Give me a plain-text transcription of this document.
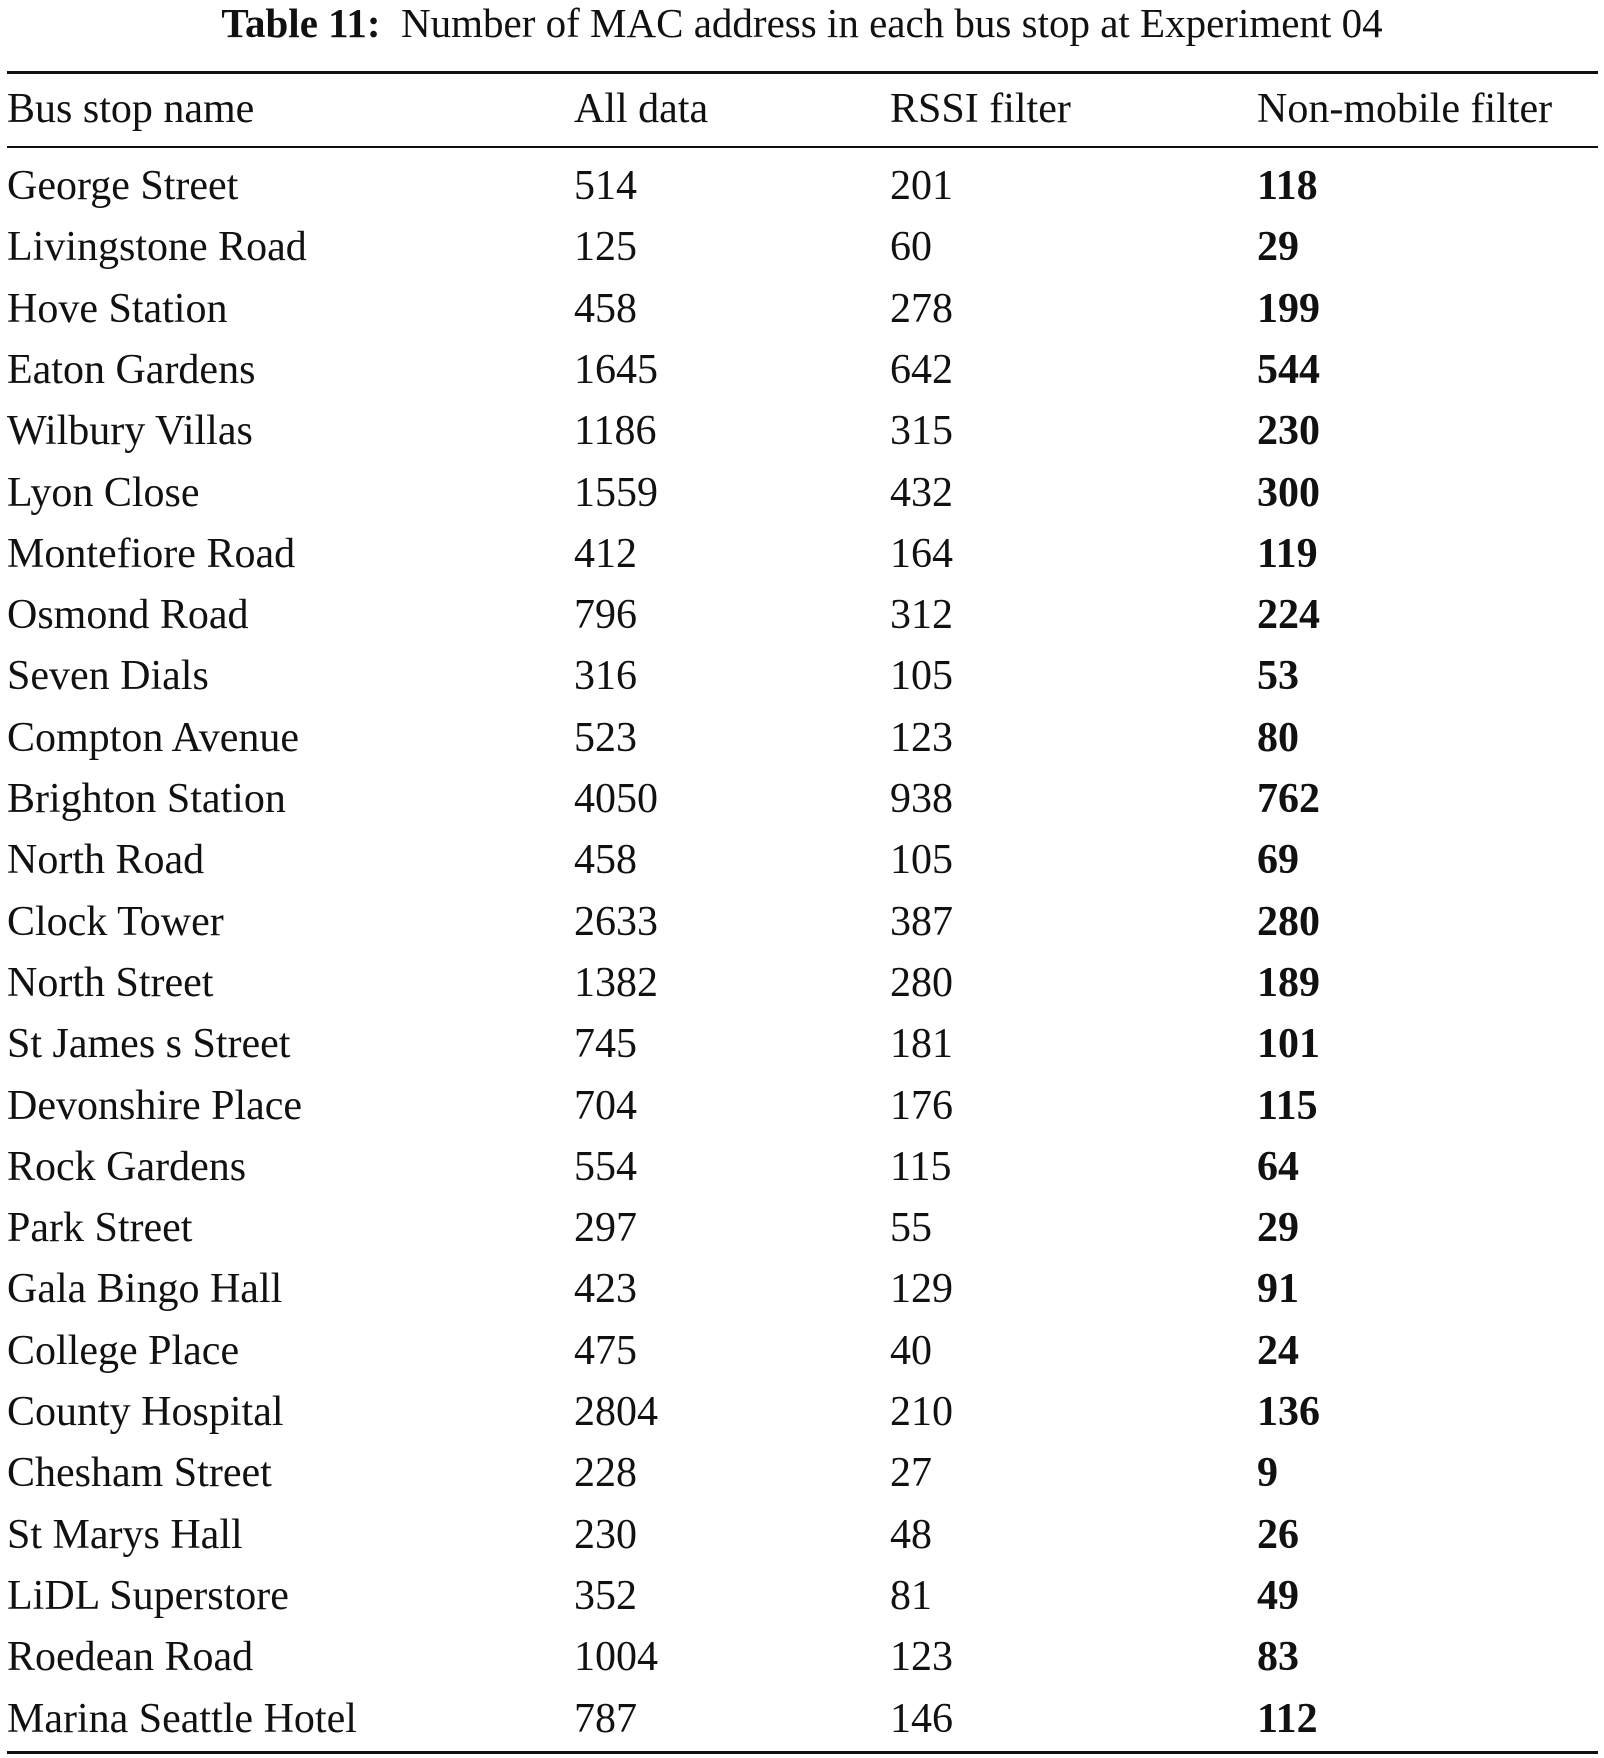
Table 11: Number of MAC address in each bus stop at Experiment 04
Bus stop name	All data	RSSI filter	Non-mobile filter
George Street	514	201	118
Livingstone Road	125	60	29
Hove Station	458	278	199
Eaton Gardens	1645	642	544
Wilbury Villas	1186	315	230
Lyon Close	1559	432	300
Montefiore Road	412	164	119
Osmond Road	796	312	224
Seven Dials	316	105	53
Compton Avenue	523	123	80
Brighton Station	4050	938	762
North Road	458	105	69
Clock Tower	2633	387	280
North Street	1382	280	189
St James s Street	745	181	101
Devonshire Place	704	176	115
Rock Gardens	554	115	64
Park Street	297	55	29
Gala Bingo Hall	423	129	91
College Place	475	40	24
County Hospital	2804	210	136
Chesham Street	228	27	9
St Marys Hall	230	48	26
LiDL Superstore	352	81	49
Roedean Road	1004	123	83
Marina Seattle Hotel	787	146	112
